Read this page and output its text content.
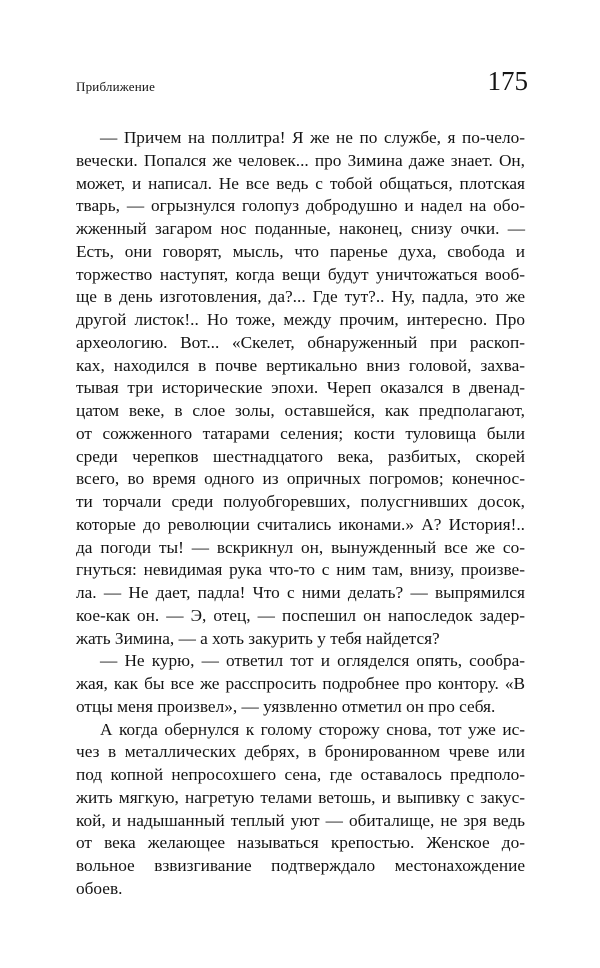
Приближение	175
— Причем на поллитра! Я же не по службе, я по-чело-
вечески. Попался же человек... про Зимина даже знает. Он,
может, и написал. Не все ведь с тобой общаться, плотская
тварь, — огрызнулся голопуз добродушно и надел на обо-
жженный загаром нос поданные, наконец, снизу очки. —
Есть, они говорят, мысль, что паренье духа, свобода и
торжество наступят, когда вещи будут уничтожаться вооб-
ще в день изготовления, да?... Где тут?.. Ну, падла, это же
другой листок!.. Но тоже, между прочим, интересно. Про
археологию. Вот... «Скелет, обнаруженный при раскоп-
ках, находился в почве вертикально вниз головой, захва-
тывая три исторические эпохи. Череп оказался в двенад-
цатом веке, в слое золы, оставшейся, как предполагают,
от сожженного татарами селения; кости туловища были
среди черепков шестнадцатого века, разбитых, скорей
всего, во время одного из опричных погромов; конечнос-
ти торчали среди полуобгоревших, полусгнивших досок,
которые до революции считались иконами.» А? История!..
да погоди ты! — вскрикнул он, вынужденный все же со-
гнуться: невидимая рука что-то с ним там, внизу, произве-
ла. — Не дает, падла! Что с ними делать? — выпрямился
кое-как он. — Э, отец, — поспешил он напоследок задер-
жать Зимина, — а хоть закурить у тебя найдется?
— Не курю, — ответил тот и огляделся опять, сообра-
жая, как бы все же расспросить подробнее про контору. «В
отцы меня произвел», — уязвленно отметил он про себя.
А когда обернулся к голому сторожу снова, тот уже ис-
чез в металлических дебрях, в бронированном чреве или
под копной непросохшего сена, где оставалось предполо-
жить мягкую, нагретую телами ветошь, и выпивку с закус-
кой, и надышанный теплый уют — обиталище, не зря ведь
от века желающее называться крепостью. Женское до-
вольное взвизгивание подтверждало местонахождение
обоев.
